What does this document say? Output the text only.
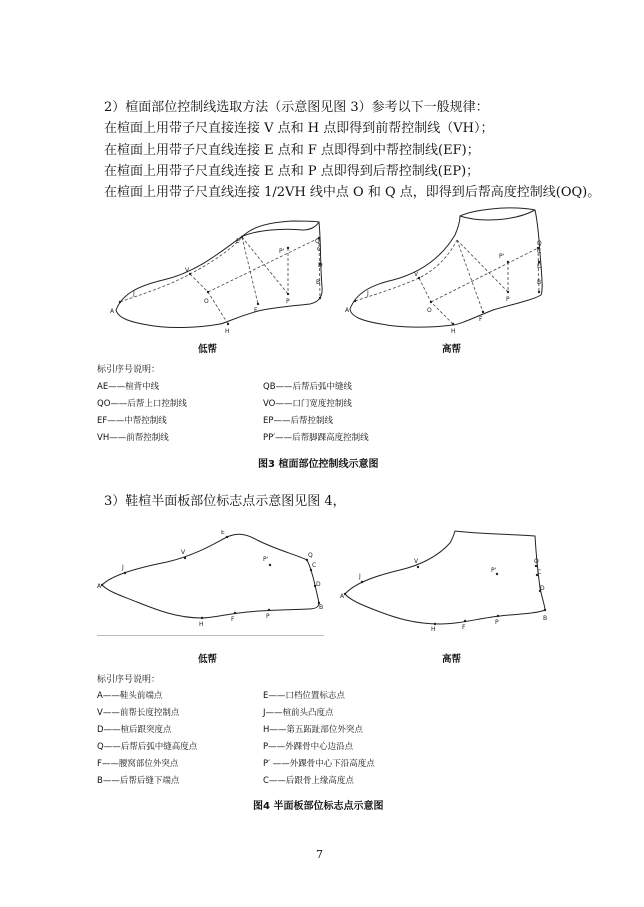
2）楦面部位控制线选取方法（示意图见图 3）参考以下一般规律：
在楦面上用带子尺直接连接 V 点和 H 点即得到前帮控制线（VH）；
在楦面上用带子尺直线连接 E 点和 F 点即得到中帮控制线(EF)；
在楦面上用带子尺直线连接 E 点和 P 点即得到后帮控制线(EP)；
在楦面上用带子尺直线连接 1/2VH 线中点 O 和 Q 点，即得到后帮高度控制线(OQ)。
A
J
V
E
O
F
H
P
Q
C
D
B
P'
A
J
V
O
F
H
P
P'
Q
C
D
B
低帮	高帮
标引序号说明：
AE——楦背中线
QO——后帮上口控制线
EF——中帮控制线
VH——前帮控制线
QB——后帮后弧中缝线
VO——口门宽度控制线
EP——后帮控制线
PP′——后帮脚踝高度控制线
图3 楦面部位控制线示意图
3）鞋楦半面板部位标志点示意图见图 4，
E
V
J
A
P'
Q
C
D
B
P
F
H
V
J
A
P'
Q
C
D
B
P
F
H
低帮	高帮
标引序号说明：
A——鞋头前端点
V——前帮长度控制点
D——楦后跟突度点
Q——后帮后弧中缝高度点
F——腰窝部位外突点
B——后帮后缝下端点
E——口档位置标志点
J——楦前头凸度点
H——第五跖趾部位外突点
P——外踝骨中心边沿点
P′ ——外踝骨中心下沿高度点
C——后跟骨上缘高度点
图4 半面板部位标志点示意图
7
